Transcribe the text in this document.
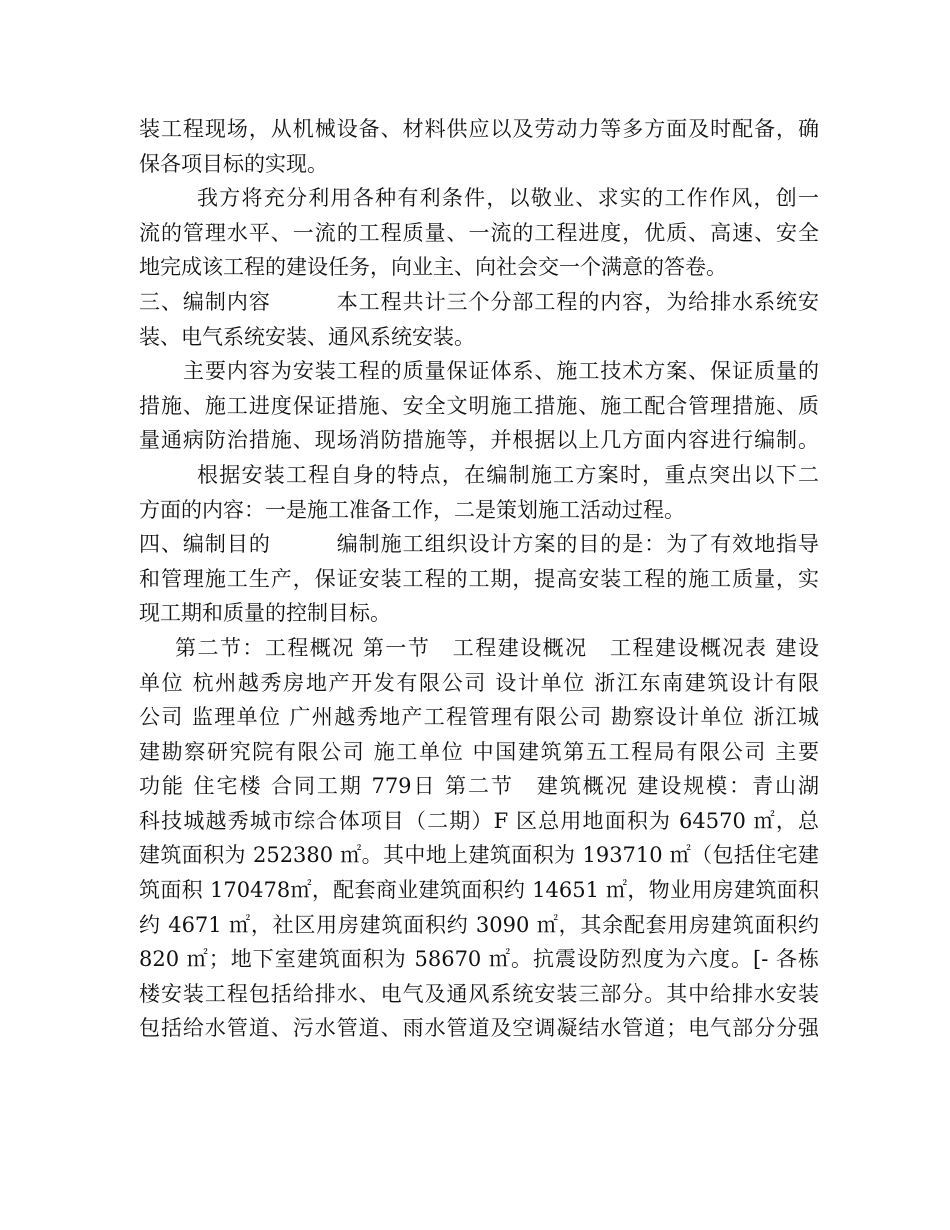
装工程现场，从机械设备、材料供应以及劳动力等多方面及时配备，确
保各项目标的实现。
我方将充分利用各种有利条件，以敬业、求实的工作作风，创一
流的管理水平、一流的工程质量、一流的工程进度，优质、高速、安全
地完成该工程的建设任务，向业主、向社会交一个满意的答卷。
三、编制内容　　　本工程共计三个分部工程的内容，为给排水系统安
装、电气系统安装、通风系统安装。
主要内容为安装工程的质量保证体系、施工技术方案、保证质量的
措施、施工进度保证措施、安全文明施工措施、施工配合管理措施、质
量通病防治措施、现场消防措施等，并根据以上几方面内容进行编制。
根据安装工程自身的特点，在编制施工方案时，重点突出以下二
方面的内容：一是施工准备工作，二是策划施工活动过程。
四、编制目的　　　编制施工组织设计方案的目的是：为了有效地指导
和管理施工生产，保证安装工程的工期，提高安装工程的施工质量，实
现工期和质量的控制目标。
第二节：工程概况 第一节　工程建设概况　工程建设概况表 建设
单位 杭州越秀房地产开发有限公司 设计单位 浙江东南建筑设计有限
公司 监理单位 广州越秀地产工程管理有限公司 勘察设计单位 浙江城
建勘察研究院有限公司 施工单位 中国建筑第五工程局有限公司 主要
功能 住宅楼 合同工期 779日 第二节　建筑概况 建设规模：青山湖
科技城越秀城市综合体项目（二期）F 区总用地面积为 64570 ㎡，总
建筑面积为 252380 ㎡。其中地上建筑面积为 193710 ㎡（包括住宅建
筑面积 170478㎡，配套商业建筑面积约 14651 ㎡，物业用房建筑面积
约 4671 ㎡，社区用房建筑面积约 3090 ㎡，其余配套用房建筑面积约
820 ㎡；地下室建筑面积为 58670 ㎡。抗震设防烈度为六度。[- 各栋
楼安装工程包括给排水、电气及通风系统安装三部分。其中给排水安装
包括给水管道、污水管道、雨水管道及空调凝结水管道；电气部分分强
